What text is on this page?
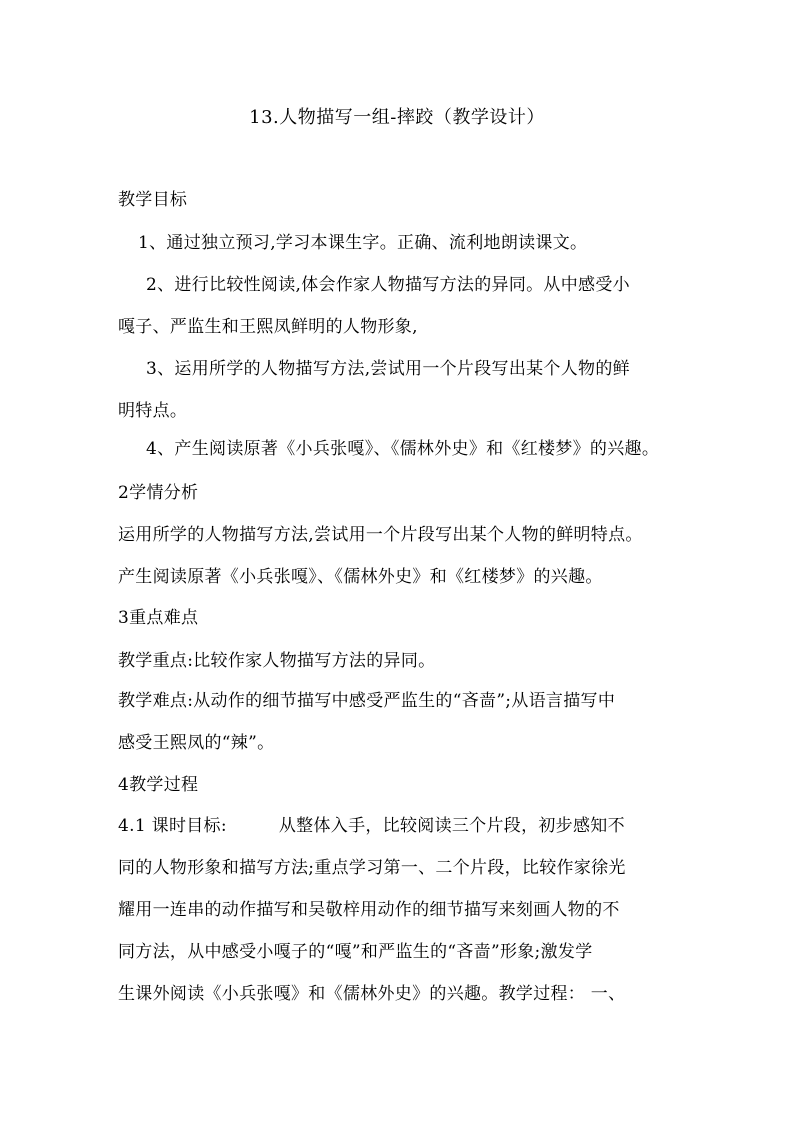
13.人物描写一组-摔跤（教学设计）
教学目标
1、通过独立预习,学习本课生字。正确、流利地朗读课文。
2、进行比较性阅读,体会作家人物描写方法的异同。从中感受小
嘎子、严监生和王熙凤鲜明的人物形象,
3、运用所学的人物描写方法,尝试用一个片段写出某个人物的鲜
明特点。
4、产生阅读原著《小兵张嘎》、《儒林外史》和《红楼梦》的兴趣。
2学情分析
运用所学的人物描写方法,尝试用一个片段写出某个人物的鲜明特点。
产生阅读原著《小兵张嘎》、《儒林外史》和《红楼梦》的兴趣。
3重点难点
教学重点:比较作家人物描写方法的异同。
教学难点:从动作的细节描写中感受严监生的“吝啬”;从语言描写中
感受王熙凤的“辣”。
4教学过程
4.1 课时目标:	从整体入手，比较阅读三个片段，初步感知不
同的人物形象和描写方法;重点学习第一、二个片段，比较作家徐光
耀用一连串的动作描写和吴敬梓用动作的细节描写来刻画人物的不
同方法，从中感受小嘎子的“嘎”和严监生的“吝啬”形象;激发学
生课外阅读《小兵张嘎》和《儒林外史》的兴趣。教学过程： 一、
